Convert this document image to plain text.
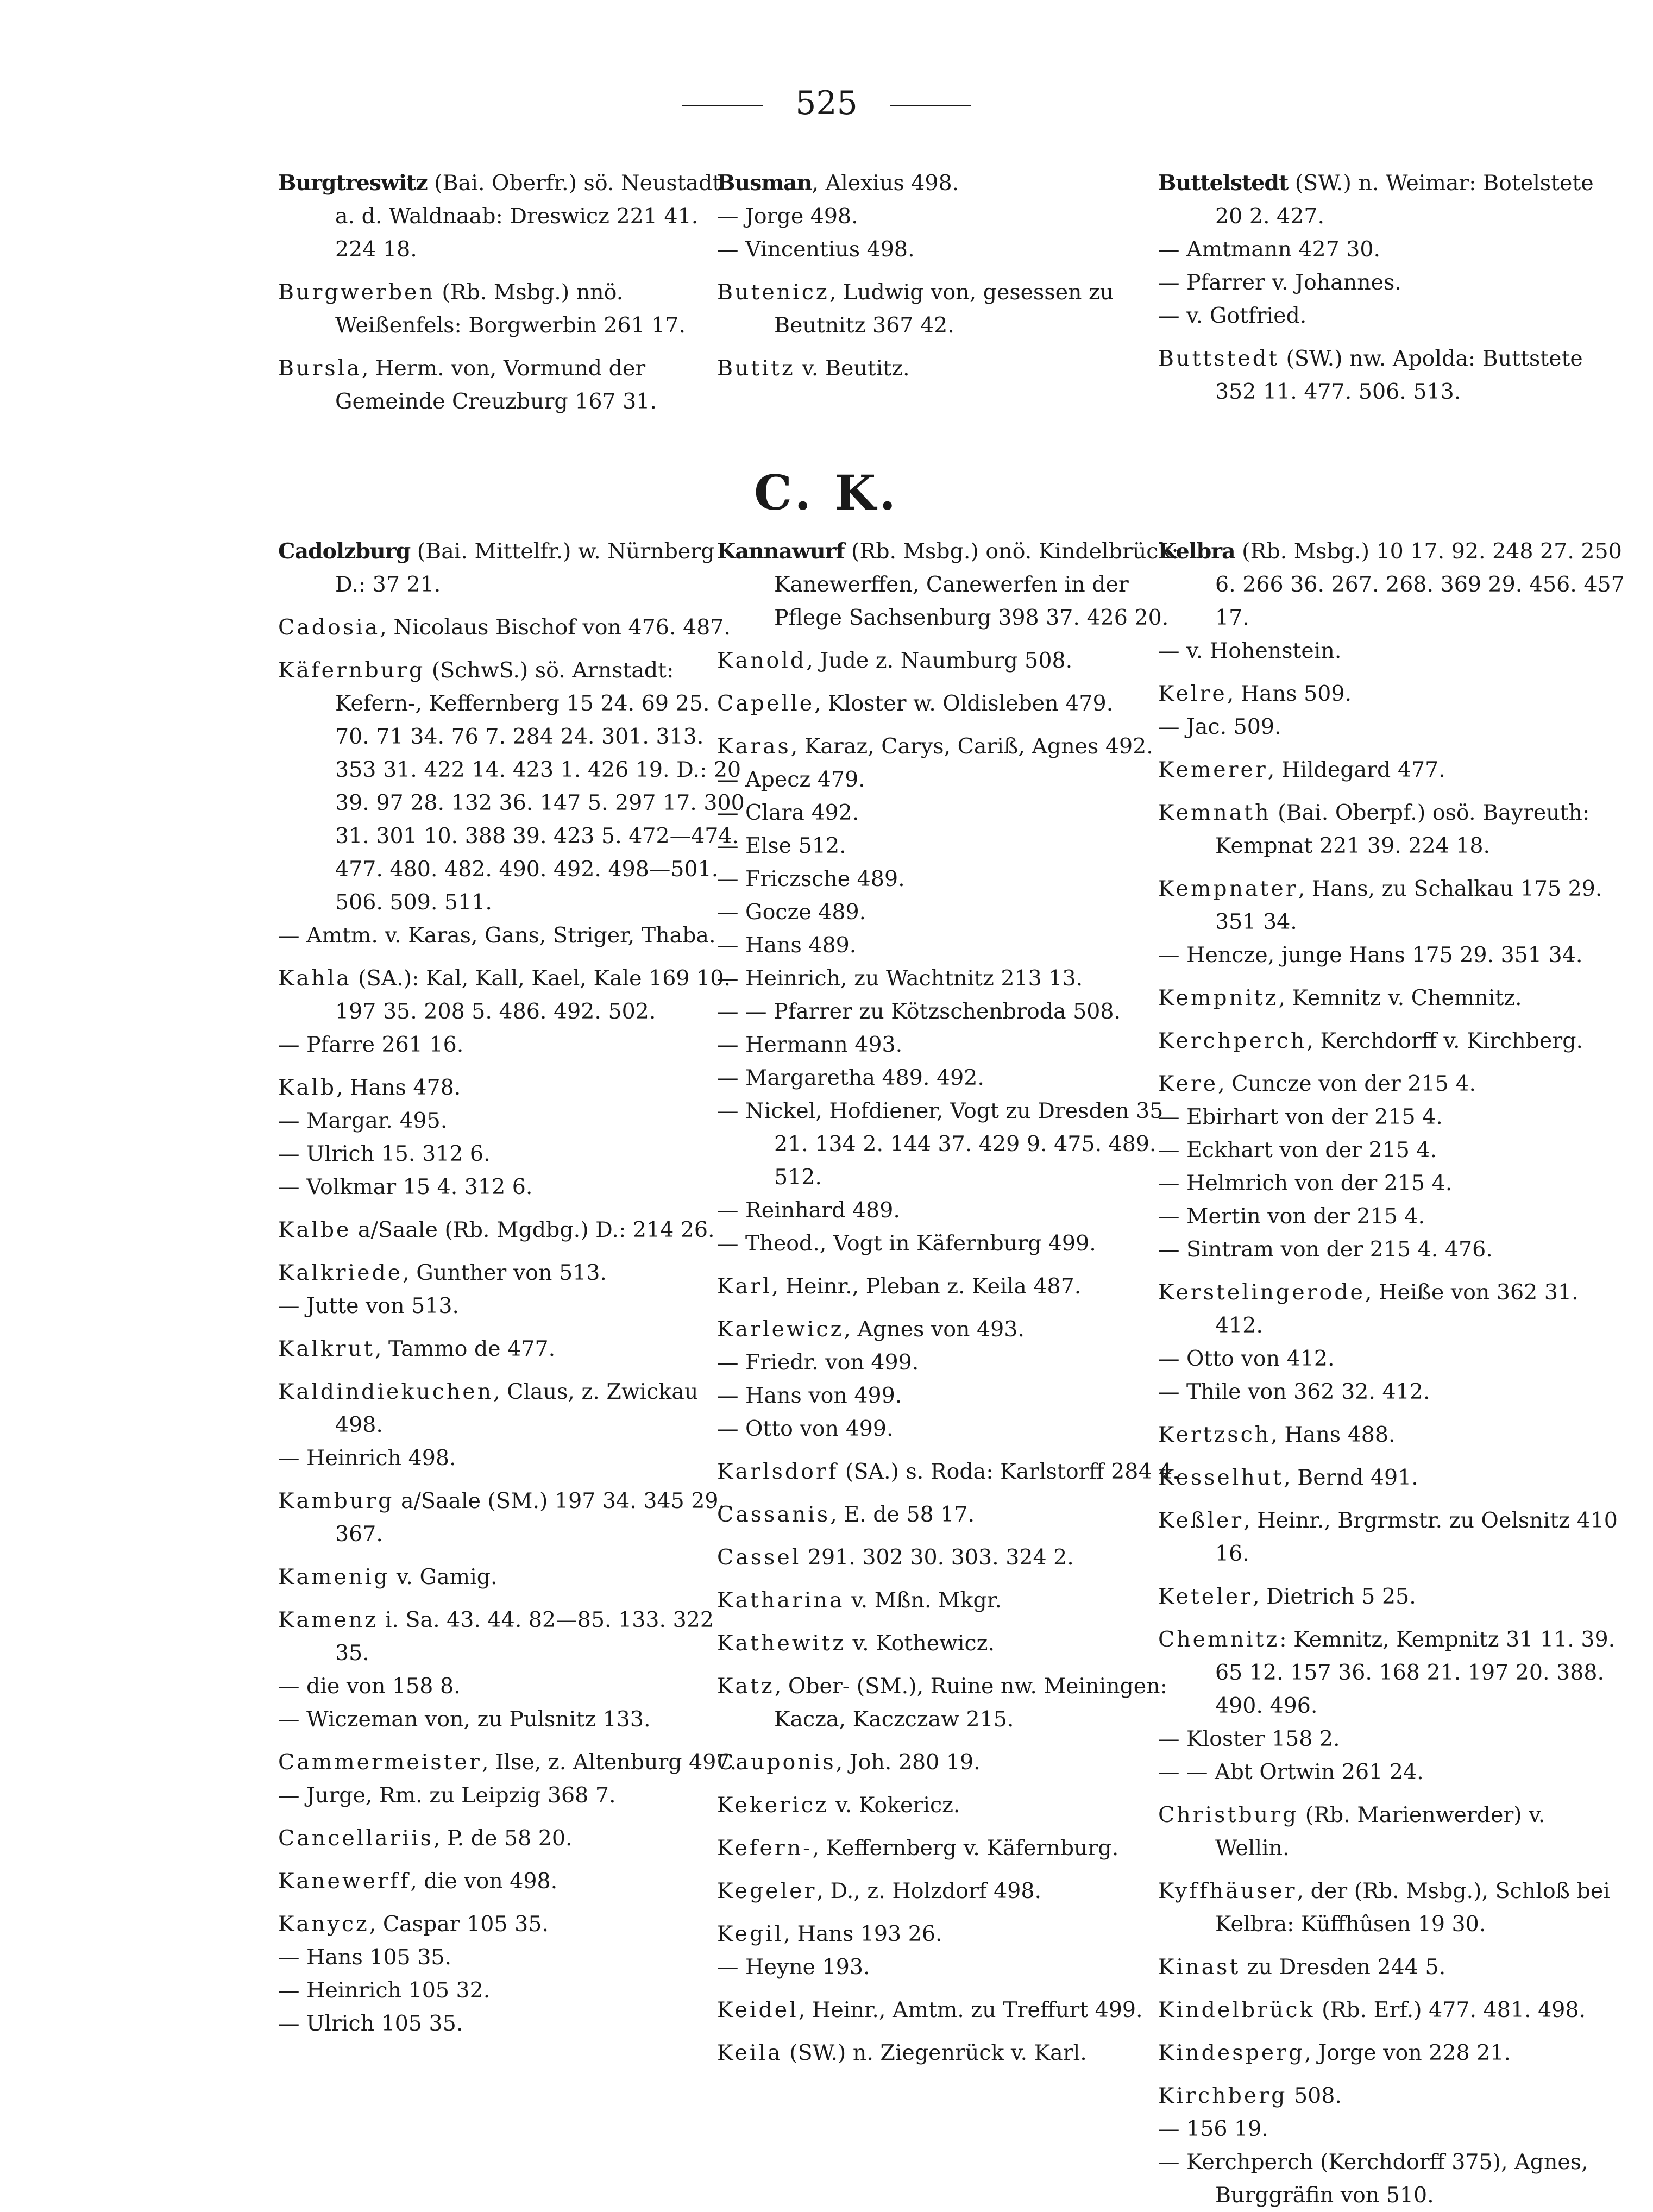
525
Burgtreswitz (Bai. Oberfr.) sö. Neustadt a. d. Waldnaab: Dreswicz 221 41. 224 18.
Burgwerben (Rb. Msbg.) nnö. Weißenfels: Borgwerbin 261 17.
Bursla, Herm. von, Vormund der Gemeinde Creuzburg 167 31.
Busman, Alexius 498.
— Jorge 498.
— Vincentius 498.
Butenicz, Ludwig von, gesessen zu Beutnitz 367 42.
Butitz v. Beutitz.
Buttelstedt (SW.) n. Weimar: Botelstete 20 2. 427.
— Amtmann 427 30.
— Pfarrer v. Johannes.
— v. Gotfried.
Buttstedt (SW.) nw. Apolda: Buttstete 352 11. 477. 506. 513.
C. K.
Cadolzburg (Bai. Mittelfr.) w. Nürnberg D.: 37 21.
Cadosia, Nicolaus Bischof von 476. 487.
Käfernburg (SchwS.) sö. Arnstadt: Kefern-, Keffernberg 15 24. 69 25. 70. 71 34. 76 7. 284 24. 301. 313. 353 31. 422 14. 423 1. 426 19. D.: 20 39. 97 28. 132 36. 147 5. 297 17. 300 31. 301 10. 388 39. 423 5. 472—474. 477. 480. 482. 490. 492. 498—501. 506. 509. 511.
— Amtm. v. Karas, Gans, Striger, Thaba.
Kahla (SA.): Kal, Kall, Kael, Kale 169 10. 197 35. 208 5. 486. 492. 502.
— Pfarre 261 16.
Kalb, Hans 478.
— Margar. 495.
— Ulrich 15. 312 6.
— Volkmar 15 4. 312 6.
Kalbe a/Saale (Rb. Mgdbg.) D.: 214 26.
Kalkriede, Gunther von 513.
— Jutte von 513.
Kalkrut, Tammo de 477.
Kaldindiekuchen, Claus, z. Zwickau 498.
— Heinrich 498.
Kamburg a/Saale (SM.) 197 34. 345 29. 367.
Kamenig v. Gamig.
Kamenz i. Sa. 43. 44. 82—85. 133. 322 35.
— die von 158 8.
— Wiczeman von, zu Pulsnitz 133.
Cammermeister, Ilse, z. Altenburg 497.
— Jurge, Rm. zu Leipzig 368 7.
Cancellariis, P. de 58 20.
Kanewerff, die von 498.
Kanycz, Caspar 105 35.
— Hans 105 35.
— Heinrich 105 32.
— Ulrich 105 35.
Kannawurf (Rb. Msbg.) onö. Kindelbrück: Kanewerffen, Canewerfen in der Pflege Sachsenburg 398 37. 426 20.
Kanold, Jude z. Naumburg 508.
Capelle, Kloster w. Oldisleben 479.
Karas, Karaz, Carys, Cariß, Agnes 492.
— Apecz 479.
— Clara 492.
— Else 512.
— Friczsche 489.
— Gocze 489.
— Hans 489.
— Heinrich, zu Wachtnitz 213 13.
— — Pfarrer zu Kötzschenbroda 508.
— Hermann 493.
— Margaretha 489. 492.
— Nickel, Hofdiener, Vogt zu Dresden 35 21. 134 2. 144 37. 429 9. 475. 489. 512.
— Reinhard 489.
— Theod., Vogt in Käfernburg 499.
Karl, Heinr., Pleban z. Keila 487.
Karlewicz, Agnes von 493.
— Friedr. von 499.
— Hans von 499.
— Otto von 499.
Karlsdorf (SA.) s. Roda: Karlstorff 284 4.
Cassanis, E. de 58 17.
Cassel 291. 302 30. 303. 324 2.
Katharina v. Mßn. Mkgr.
Kathewitz v. Kothewicz.
Katz, Ober- (SM.), Ruine nw. Meiningen: Kacza, Kaczczaw 215.
Cauponis, Joh. 280 19.
Kekericz v. Kokericz.
Kefern-, Keffernberg v. Käfernburg.
Kegeler, D., z. Holzdorf 498.
Kegil, Hans 193 26.
— Heyne 193.
Keidel, Heinr., Amtm. zu Treffurt 499.
Keila (SW.) n. Ziegenrück v. Karl.
Kelbra (Rb. Msbg.) 10 17. 92. 248 27. 250 6. 266 36. 267. 268. 369 29. 456. 457 17.
— v. Hohenstein.
Kelre, Hans 509.
— Jac. 509.
Kemerer, Hildegard 477.
Kemnath (Bai. Oberpf.) osö. Bayreuth: Kempnat 221 39. 224 18.
Kempnater, Hans, zu Schalkau 175 29. 351 34.
— Hencze, junge Hans 175 29. 351 34.
Kempnitz, Kemnitz v. Chemnitz.
Kerchperch, Kerchdorff v. Kirchberg.
Kere, Cuncze von der 215 4.
— Ebirhart von der 215 4.
— Eckhart von der 215 4.
— Helmrich von der 215 4.
— Mertin von der 215 4.
— Sintram von der 215 4. 476.
Kerstelingerode, Heiße von 362 31. 412.
— Otto von 412.
— Thile von 362 32. 412.
Kertzsch, Hans 488.
Kesselhut, Bernd 491.
Keßler, Heinr., Brgrmstr. zu Oelsnitz 410 16.
Keteler, Dietrich 5 25.
Chemnitz: Kemnitz, Kempnitz 31 11. 39. 65 12. 157 36. 168 21. 197 20. 388. 490. 496.
— Kloster 158 2.
— — Abt Ortwin 261 24.
Christburg (Rb. Marienwerder) v. Wellin.
Kyffhäuser, der (Rb. Msbg.), Schloß bei Kelbra: Küffhûsen 19 30.
Kinast zu Dresden 244 5.
Kindelbrück (Rb. Erf.) 477. 481. 498.
Kindesperg, Jorge von 228 21.
Kirchberg 508.
— 156 19.
— Kerchperch (Kerchdorff 375), Agnes, Burggräfin von 510.
